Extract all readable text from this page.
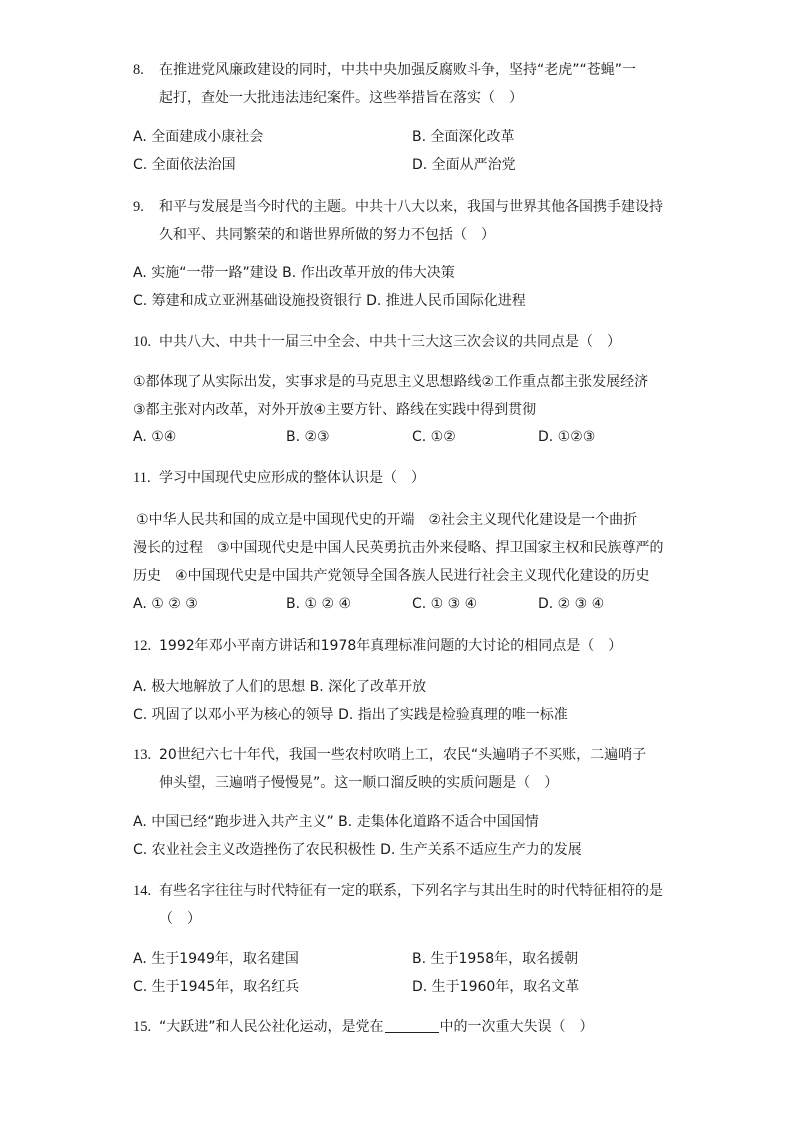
8. 在推进党风廉政建设的同时，中共中央加强反腐败斗争，坚持“老虎”“苍蝇”一
起打，查处一大批违法违纪案件。这些举措旨在落实（　）
A. 全面建成小康社会	B. 全面深化改革
C. 全面依法治国	D. 全面从严治党
9. 和平与发展是当今时代的主题。中共十八大以来，我国与世界其他各国携手建设持
久和平、共同繁荣的和谐世界所做的努力不包括（　）
A. 实施“一带一路”建设 B. 作出改革开放的伟大决策
C. 筹建和成立亚洲基础设施投资银行 D. 推进人民币国际化进程
10. 中共八大、中共十一届三中全会、中共十三大这三次会议的共同点是（　）
①都体现了从实际出发，实事求是的马克思主义思想路线②工作重点都主张发展经济
③都主张对内改革，对外开放④主要方针、路线在实践中得到贯彻
A. ①④	B. ②③	C. ①②	D. ①②③
11. 学习中国现代史应形成的整体认识是（　）
①中华人民共和国的成立是中国现代史的开端　②社会主义现代化建设是一个曲折
漫长的过程　③中国现代史是中国人民英勇抗击外来侵略、捍卫国家主权和民族尊严的
历史　④中国现代史是中国共产党领导全国各族人民进行社会主义现代化建设的历史
A. ① ② ③	B. ① ② ④	C. ① ③ ④	D. ② ③ ④
12. 1992年邓小平南方讲话和1978年真理标准问题的大讨论的相同点是（　）
A. 极大地解放了人们的思想 B. 深化了改革开放
C. 巩固了以邓小平为核心的领导 D. 指出了实践是检验真理的唯一标准
13. 20世纪六七十年代，我国一些农村吹哨上工，农民“头遍哨子不买账，二遍哨子
伸头望，三遍哨子慢慢晃”。这一顺口溜反映的实质问题是（　）
A. 中国已经“跑步进入共产主义” B. 走集体化道路不适合中国国情
C. 农业社会主义改造挫伤了农民积极性 D. 生产关系不适应生产力的发展
14. 有些名字往往与时代特征有一定的联系，下列名字与其出生时的时代特征相符的是
（　）
A. 生于1949年，取名建国	B. 生于1958年，取名援朝
C. 生于1945年，取名红兵	D. 生于1960年，取名文革
15. “大跃进”和人民公社化运动，是党在	中的一次重大失误（　）
